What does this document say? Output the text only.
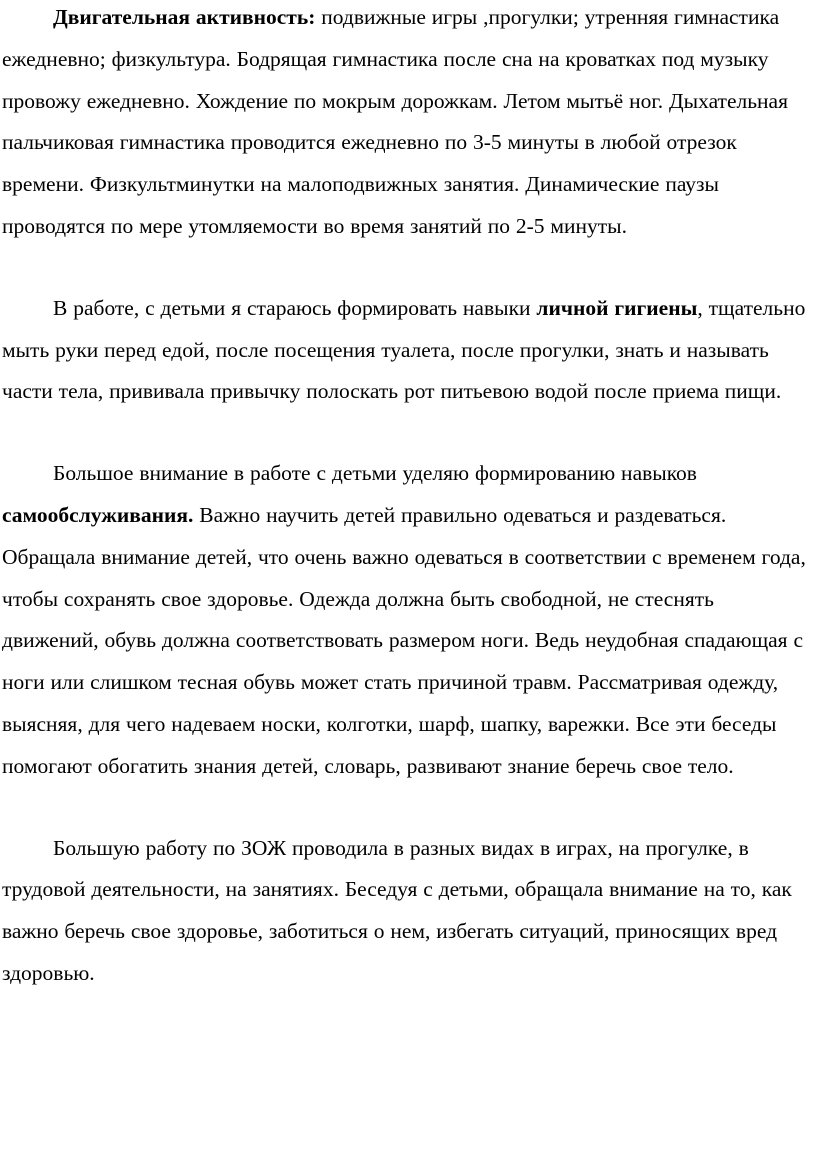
Двигательная активность: подвижные игры ,прогулки; утренняя гимнастика ежедневно; физкультура. Бодрящая гимнастика после сна на кроватках под музыку провожу ежедневно. Хождение по мокрым дорожкам. Летом мытьё ног. Дыхательная пальчиковая гимнастика проводится ежедневно по 3-5 минуты в любой отрезок времени. Физкультминутки на малоподвижных занятия. Динамические паузы проводятся по мере утомляемости во время занятий по 2-5 минуты.

В работе, с детьми я стараюсь формировать навыки личной гигиены, тщательно мыть руки перед едой, после посещения туалета, после прогулки, знать и называть части тела, прививала привычку полоскать рот питьевою водой после приема пищи.

Большое внимание в работе с детьми уделяю формированию навыков самообслуживания. Важно научить детей правильно одеваться и раздеваться. Обращала внимание детей, что очень важно одеваться в соответствии с временем года, чтобы сохранять свое здоровье. Одежда должна быть свободной, не стеснять движений, обувь должна соответствовать размером ноги. Ведь неудобная спадающая с ноги или слишком тесная обувь может стать причиной травм. Рассматривая одежду, выясняя, для чего надеваем носки, колготки, шарф, шапку, варежки. Все эти беседы помогают обогатить знания детей, словарь, развивают знание беречь свое тело.

Большую работу по ЗОЖ проводила в разных видах в играх, на прогулке, в трудовой деятельности, на занятиях. Беседуя с детьми, обращала внимание на то, как важно беречь свое здоровье, заботиться о нем, избегать ситуаций, приносящих вред здоровью.
